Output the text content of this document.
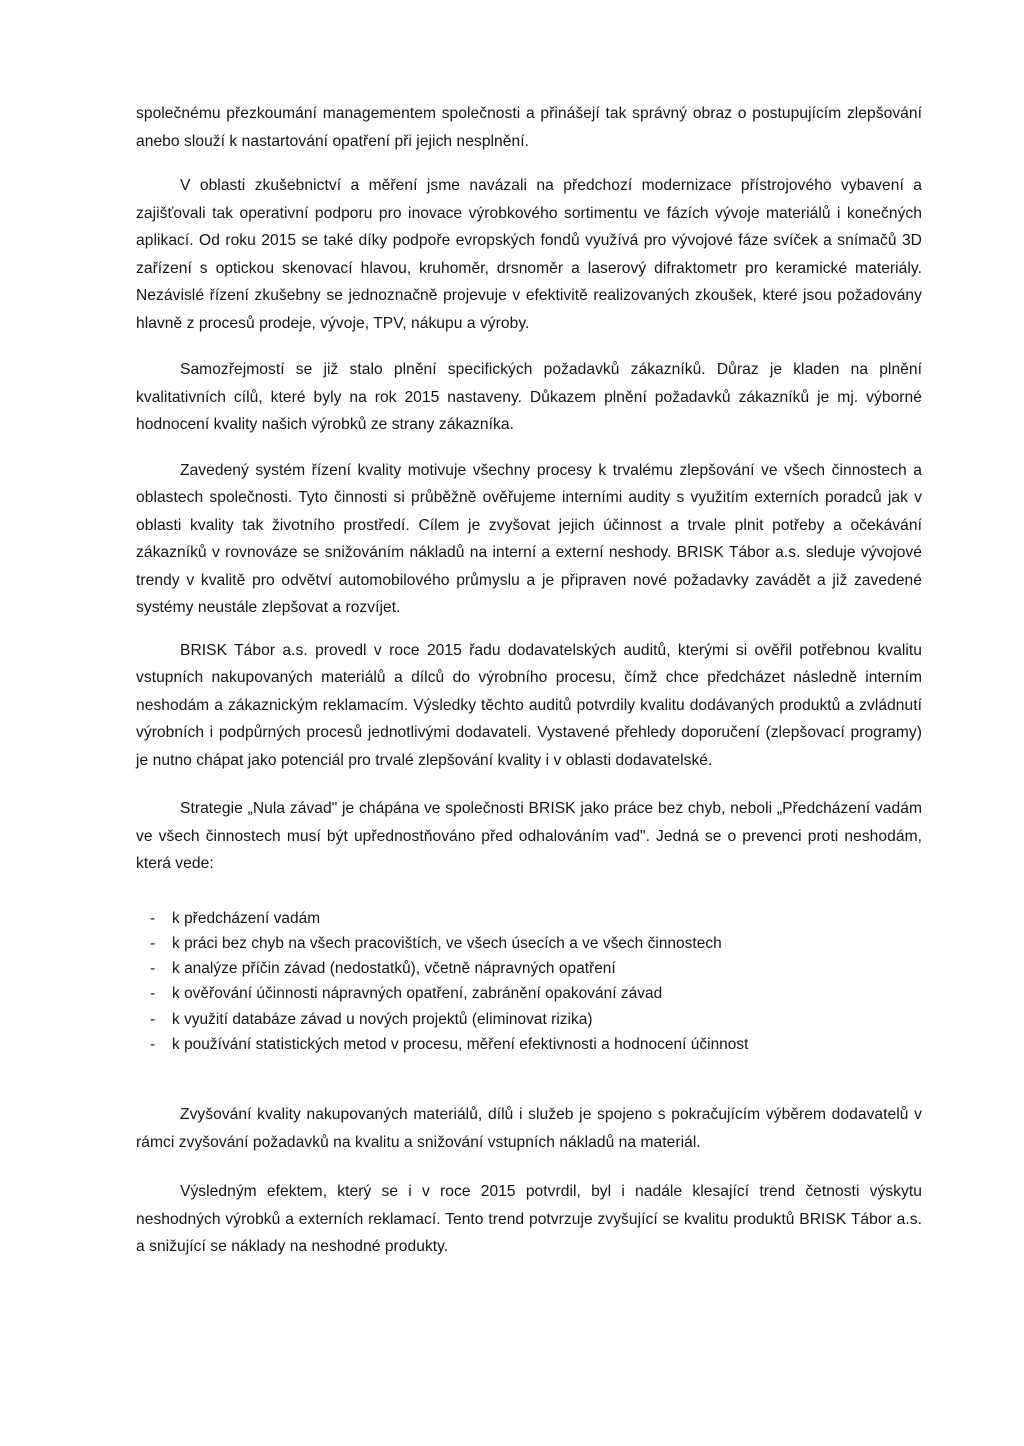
společnému přezkoumání managementem společnosti a přinášejí tak správný obraz o postupujícím zlepšování anebo slouží k nastartování opatření při jejich nesplnění.

V oblasti zkušebnictví a měření jsme navázali na předchozí modernizace přístrojového vybavení a zajišťovali tak operativní podporu pro inovace výrobkového sortimentu ve fázích vývoje materiálů i konečných aplikací. Od roku 2015 se také díky podpoře evropských fondů využívá pro vývojové fáze svíček a snímačů 3D zařízení s optickou skenovací hlavou, kruhoměr, drsnoměr a laserový difraktometr pro keramické materiály. Nezávislé řízení zkušebny se jednoznačně projevuje v efektivitě realizovaných zkoušek, které jsou požadovány hlavně z procesů prodeje, vývoje, TPV, nákupu a výroby.

Samozřejmostí se již stalo plnění specifických požadavků zákazníků. Důraz je kladen na plnění kvalitativních cílů, které byly na rok 2015 nastaveny. Důkazem plnění požadavků zákazníků je mj. výborné hodnocení kvality našich výrobků ze strany zákazníka.

Zavedený systém řízení kvality motivuje všechny procesy k trvalému zlepšování ve všech činnostech a oblastech společnosti. Tyto činnosti si průběžně ověřujeme interními audity s využitím externích poradců jak v oblasti kvality tak životního prostředí. Cílem je zvyšovat jejich účinnost a trvale plnit potřeby a očekávání zákazníků v rovnováze se snižováním nákladů na interní a externí neshody. BRISK Tábor a.s. sleduje vývojové trendy v kvalitě pro odvětví automobilového průmyslu a je připraven nové požadavky zavádět a již zavedené systémy neustále zlepšovat a rozvíjet.

BRISK Tábor a.s. provedl v roce 2015 řadu dodavatelských auditů, kterými si ověřil potřebnou kvalitu vstupních nakupovaných materiálů a dílců do výrobního procesu, čímž chce předcházet následně interním neshodám a zákaznickým reklamacím. Výsledky těchto auditů potvrdily kvalitu dodávaných produktů a zvládnutí výrobních i podpůrných procesů jednotlivými dodavateli. Vystavené přehledy doporučení (zlepšovací programy) je nutno chápat jako potenciál pro trvalé zlepšování kvality i v oblasti dodavatelské.

Strategie „Nula závad" je chápána ve společnosti BRISK jako práce bez chyb, neboli „Předcházení vadám ve všech činnostech musí být upřednostňováno před odhalováním vad". Jedná se o prevenci proti neshodám, která vede:

- k předcházení vadám
- k práci bez chyb na všech pracovištích, ve všech úsecích a ve všech činnostech
- k analýze příčin závad (nedostatků), včetně nápravných opatření
- k ověřování účinnosti nápravných opatření, zabránění opakování závad
- k využití databáze závad u nových projektů (eliminovat rizika)
- k používání statistických metod v procesu, měření efektivnosti a hodnocení účinnost

Zvyšování kvality nakupovaných materiálů, dílů i služeb je spojeno s pokračujícím výběrem dodavatelů v rámci zvyšování požadavků na kvalitu a snižování vstupních nákladů na materiál.

Výsledným efektem, který se i v roce 2015 potvrdil, byl i nadále klesající trend četnosti výskytu neshodných výrobků a externích reklamací. Tento trend potvrzuje zvyšující se kvalitu produktů BRISK Tábor a.s. a snižující se náklady na neshodné produkty.
